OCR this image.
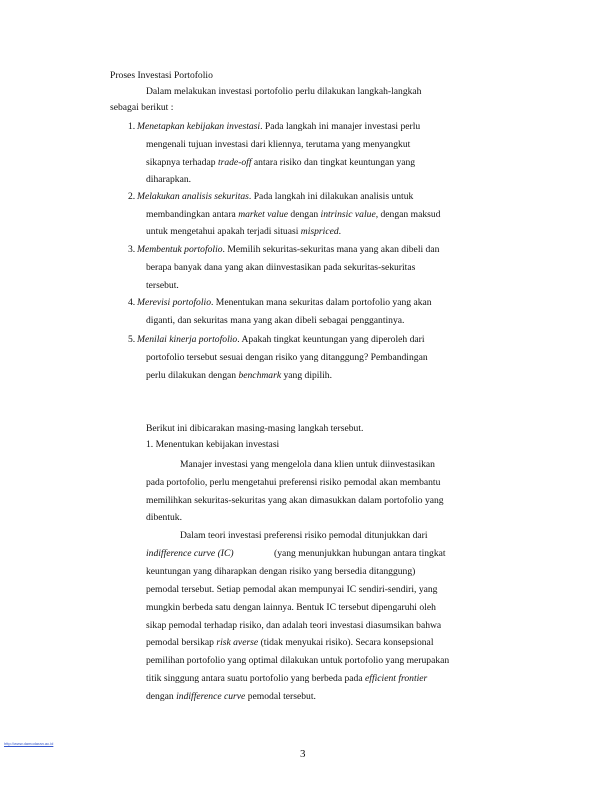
Proses Investasi Portofolio
Dalam melakukan investasi portofolio perlu dilakukan langkah-langkah
sebagai berikut :
1. Menetapkan kebijakan investasi. Pada langkah ini manajer investasi perlu
mengenali tujuan investasi dari kliennya, terutama yang menyangkut
sikapnya terhadap trade-off antara risiko dan tingkat keuntungan yang
diharapkan.
2. Melakukan analisis sekuritas. Pada langkah ini dilakukan analisis untuk
membandingkan antara market value dengan intrinsic value, dengan maksud
untuk mengetahui apakah terjadi situasi mispriced.
3. Membentuk portofolio. Memilih sekuritas-sekuritas mana yang akan dibeli dan
berapa banyak dana yang akan diinvestasikan pada sekuritas-sekuritas
tersebut.
4. Merevisi portofolio. Menentukan mana sekuritas dalam portofolio yang akan
diganti, dan sekuritas mana yang akan dibeli sebagai penggantinya.
5. Menilai kinerja portofolio. Apakah tingkat keuntungan yang diperoleh dari
portofolio tersebut sesuai dengan risiko yang ditanggung? Pembandingan
perlu dilakukan dengan benchmark yang dipilih.
Berikut ini dibicarakan masing-masing langkah tersebut.
1. Menentukan kebijakan investasi
Manajer investasi yang mengelola dana klien untuk diinvestasikan
pada portofolio, perlu mengetahui preferensi risiko pemodal akan membantu
memilihkan sekuritas-sekuritas yang akan dimasukkan dalam portofolio yang
dibentuk.
Dalam teori investasi preferensi risiko pemodal ditunjukkan dari
indifference curve (IC)	(yang menunjukkan hubungan antara tingkat
keuntungan yang diharapkan dengan risiko yang bersedia ditanggung)
pemodal tersebut. Setiap pemodal akan mempunyai IC sendiri-sendiri, yang
mungkin berbeda satu dengan lainnya. Bentuk IC tersebut dipengaruhi oleh
sikap pemodal terhadap risiko, dan adalah teori investasi diasumsikan bahwa
pemodal bersikap risk averse (tidak menyukai risiko). Secara konsepsional
pemilihan portofolio yang optimal dilakukan untuk portofolio yang merupakan
titik singgung antara suatu portofolio yang berbeda pada efficient frontier
dengan indifference curve pemodal tersebut.
http://www.damodaran.ac.id
3
